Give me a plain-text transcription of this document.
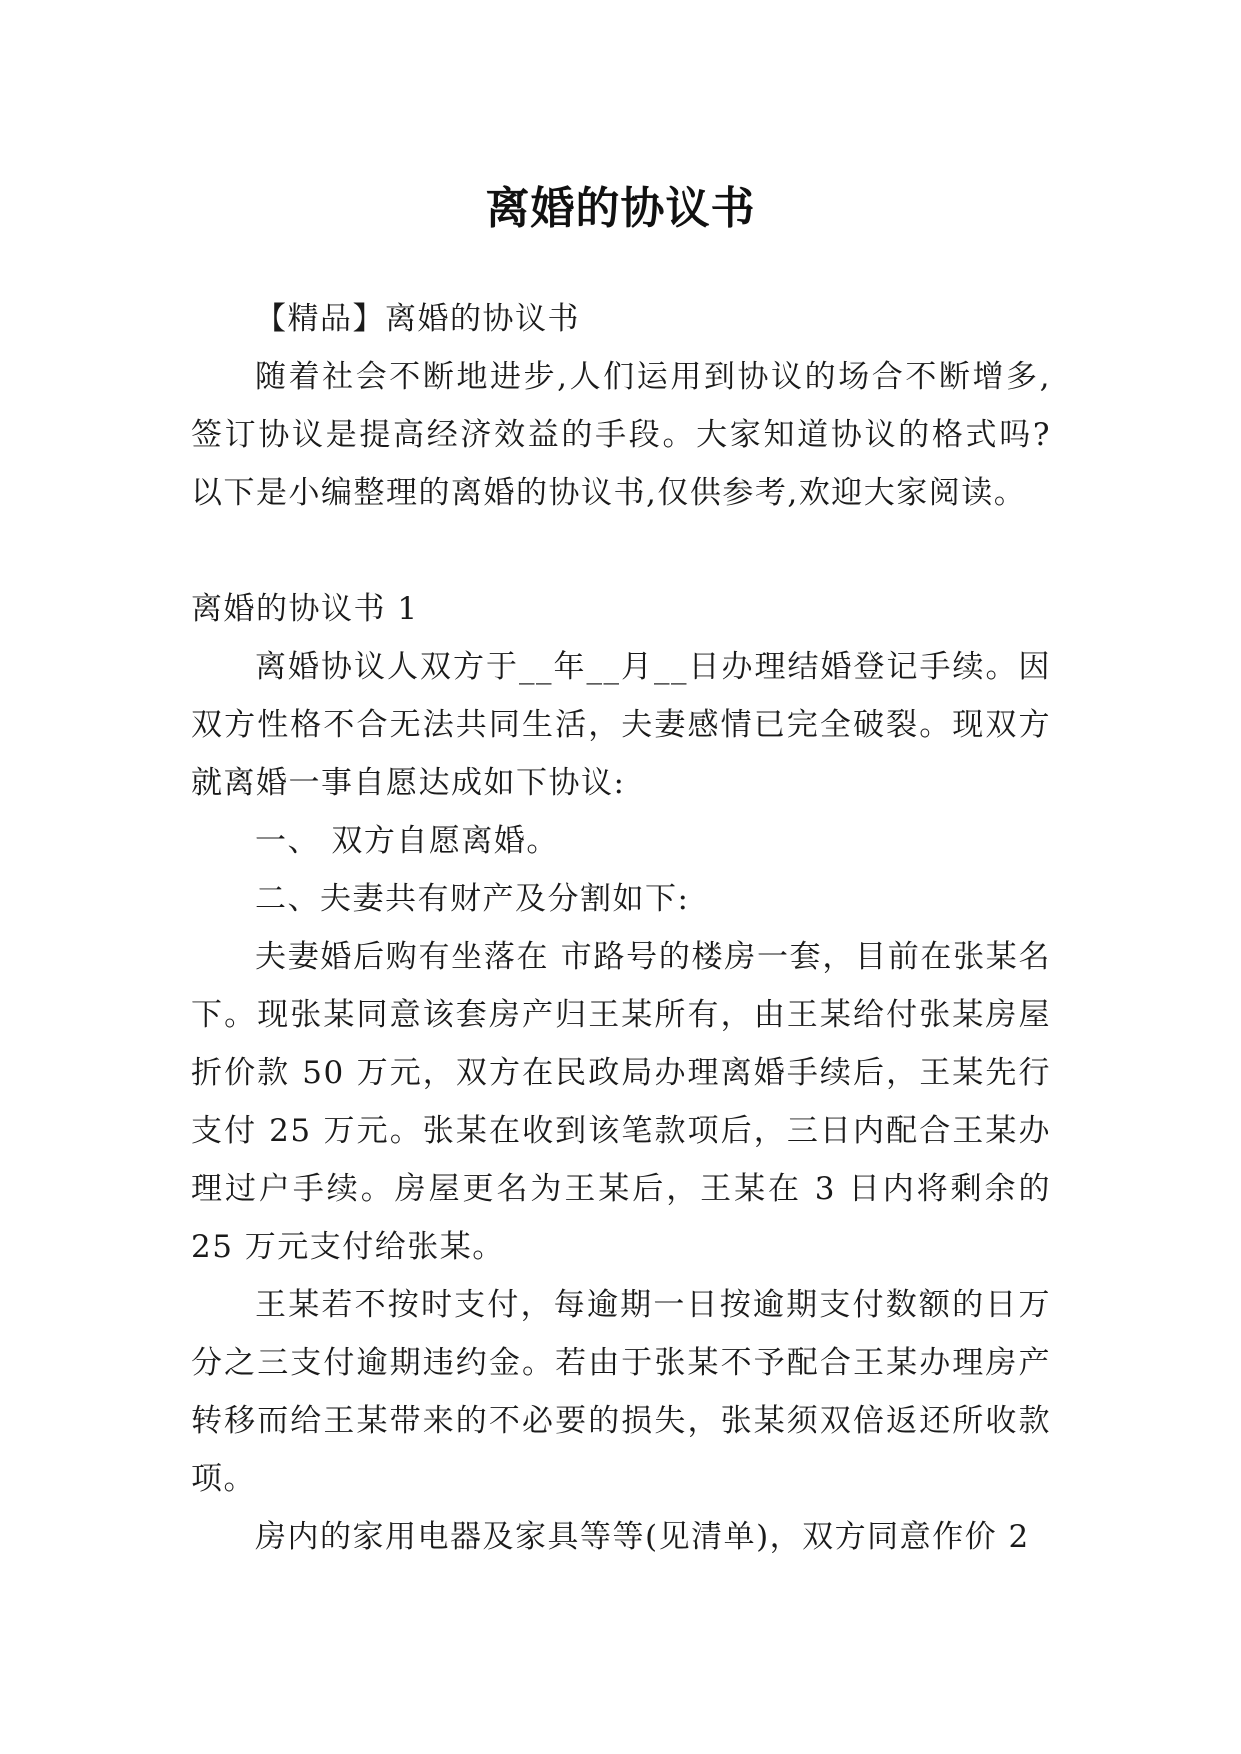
离婚的协议书

【精品】离婚的协议书

随着社会不断地进步,人们运用到协议的场合不断增多,签订协议是提高经济效益的手段。大家知道协议的格式吗?以下是小编整理的离婚的协议书,仅供参考,欢迎大家阅读。

离婚的协议书 1

离婚协议人双方于__年__月__日办理结婚登记手续。因双方性格不合无法共同生活，夫妻感情已完全破裂。现双方就离婚一事自愿达成如下协议:

一、 双方自愿离婚。

二、夫妻共有财产及分割如下:

夫妻婚后购有坐落在 市路号的楼房一套，目前在张某名下。现张某同意该套房产归王某所有，由王某给付张某房屋折价款 50 万元，双方在民政局办理离婚手续后，王某先行支付 25 万元。张某在收到该笔款项后，三日内配合王某办理过户手续。房屋更名为王某后，王某在 3 日内将剩余的 25 万元支付给张某。

王某若不按时支付，每逾期一日按逾期支付数额的日万分之三支付逾期违约金。若由于张某不予配合王某办理房产转移而给王某带来的不必要的损失，张某须双倍返还所收款项。

房内的家用电器及家具等等(见清单)，双方同意作价 2
